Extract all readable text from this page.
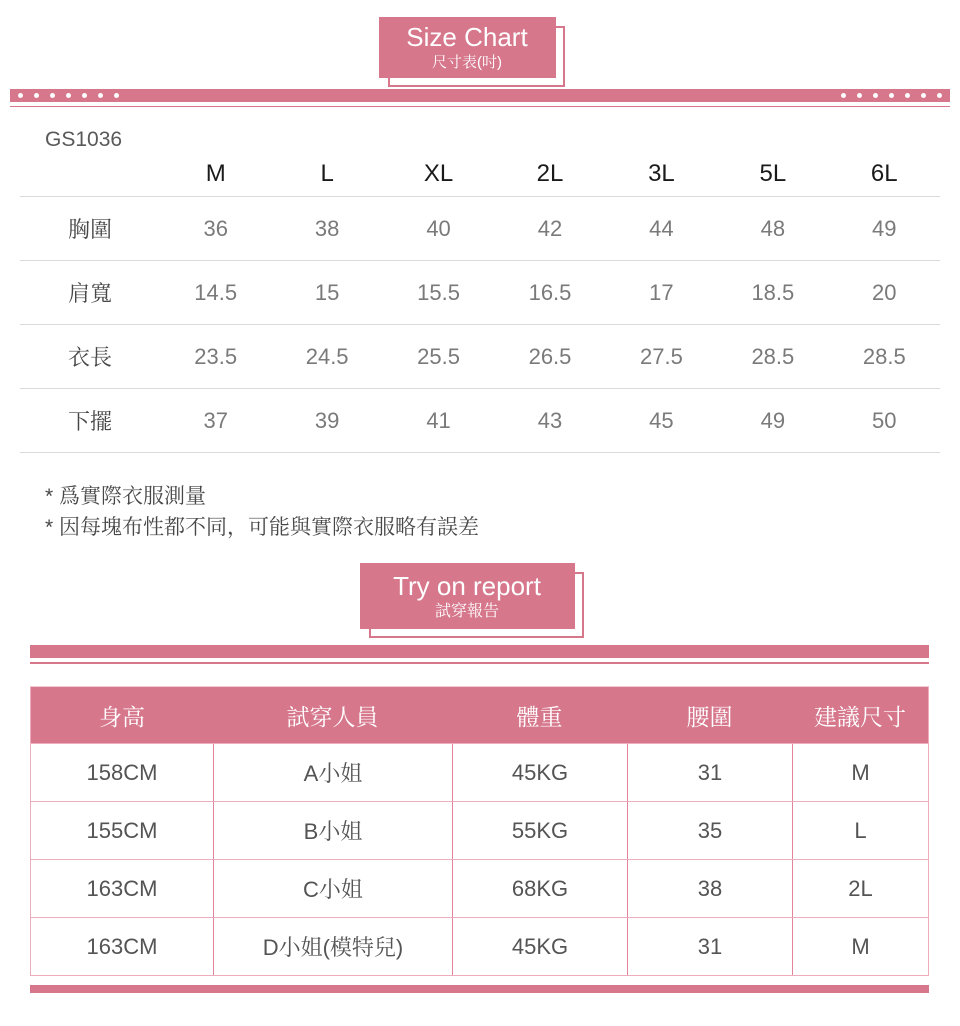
Size Chart
尺寸表(吋)
GS1036
M	L	XL	2L	3L	5L	6L
胸圍	36	38	40	42	44	48	49
肩寬	14.5	15	15.5	16.5	17	18.5	20
衣長	23.5	24.5	25.5	26.5	27.5	28.5	28.5
下擺	37	39	41	43	45	49	50
* 爲實際衣服測量
* 因每塊布性都不同，可能與實際衣服略有誤差
Try on report
試穿報告
身高	試穿人員	體重	腰圍	建議尺寸
158CM	A小姐	45KG	31	M
155CM	B小姐	55KG	35	L
163CM	C小姐	68KG	38	2L
163CM	D小姐(模特兒)	45KG	31	M
